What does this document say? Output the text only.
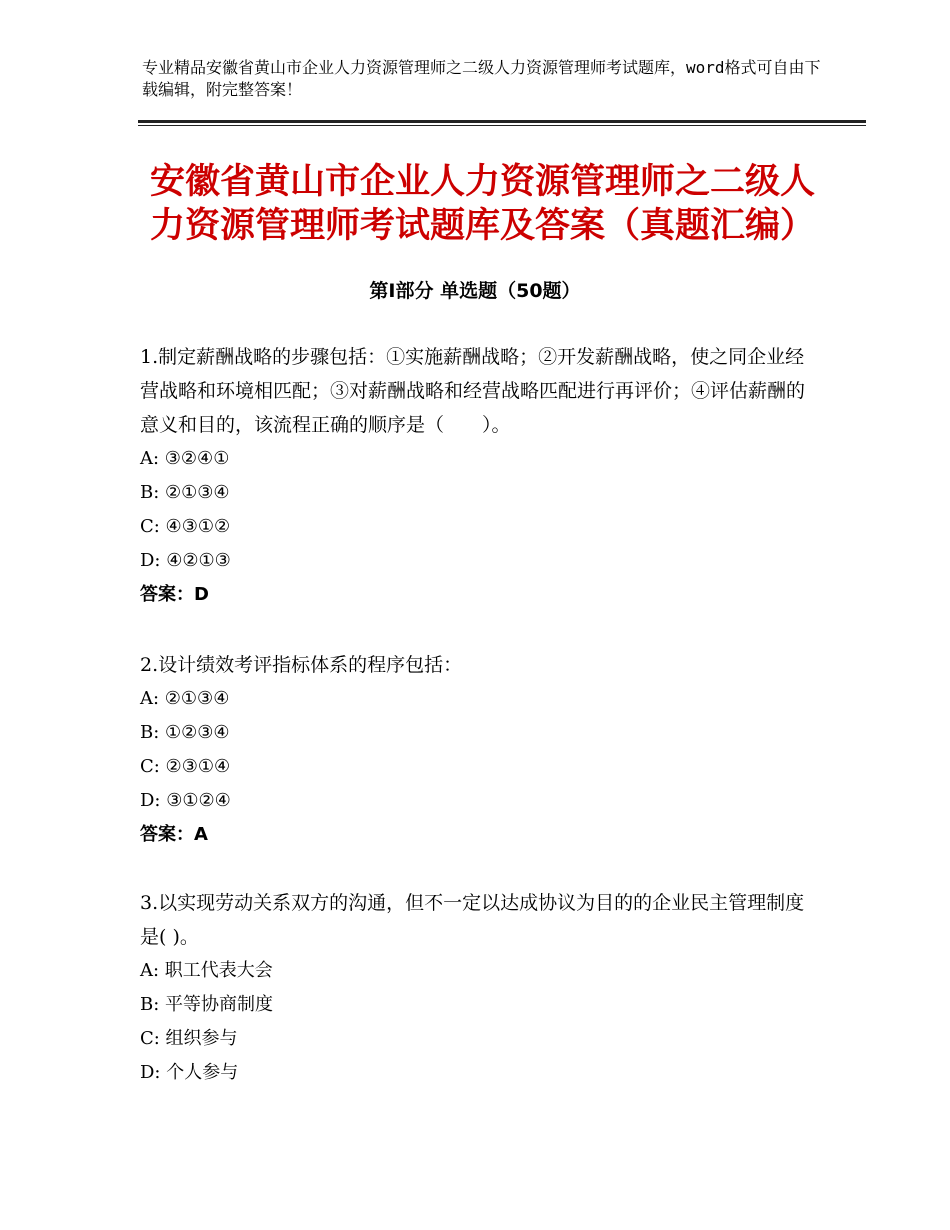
专业精品安徽省黄山市企业人力资源管理师之二级人力资源管理师考试题库，word格式可自由下载编辑，附完整答案！
安徽省黄山市企业人力资源管理师之二级人力资源管理师考试题库及答案（真题汇编）
第Ⅰ部分 单选题（50题）
1.制定薪酬战略的步骤包括：①实施薪酬战略；②开发薪酬战略，使之同企业经营战略和环境相匹配；③对薪酬战略和经营战略匹配进行再评价；④评估薪酬的意义和目的，该流程正确的顺序是（　　）。
A: ③②④①
B: ②①③④
C: ④③①②
D: ④②①③
答案：D
2.设计绩效考评指标体系的程序包括：
A: ②①③④
B: ①②③④
C: ②③①④
D: ③①②④
答案：A
3.以实现劳动关系双方的沟通，但不一定以达成协议为目的的企业民主管理制度是( )。
A: 职工代表大会
B: 平等协商制度
C: 组织参与
D: 个人参与
